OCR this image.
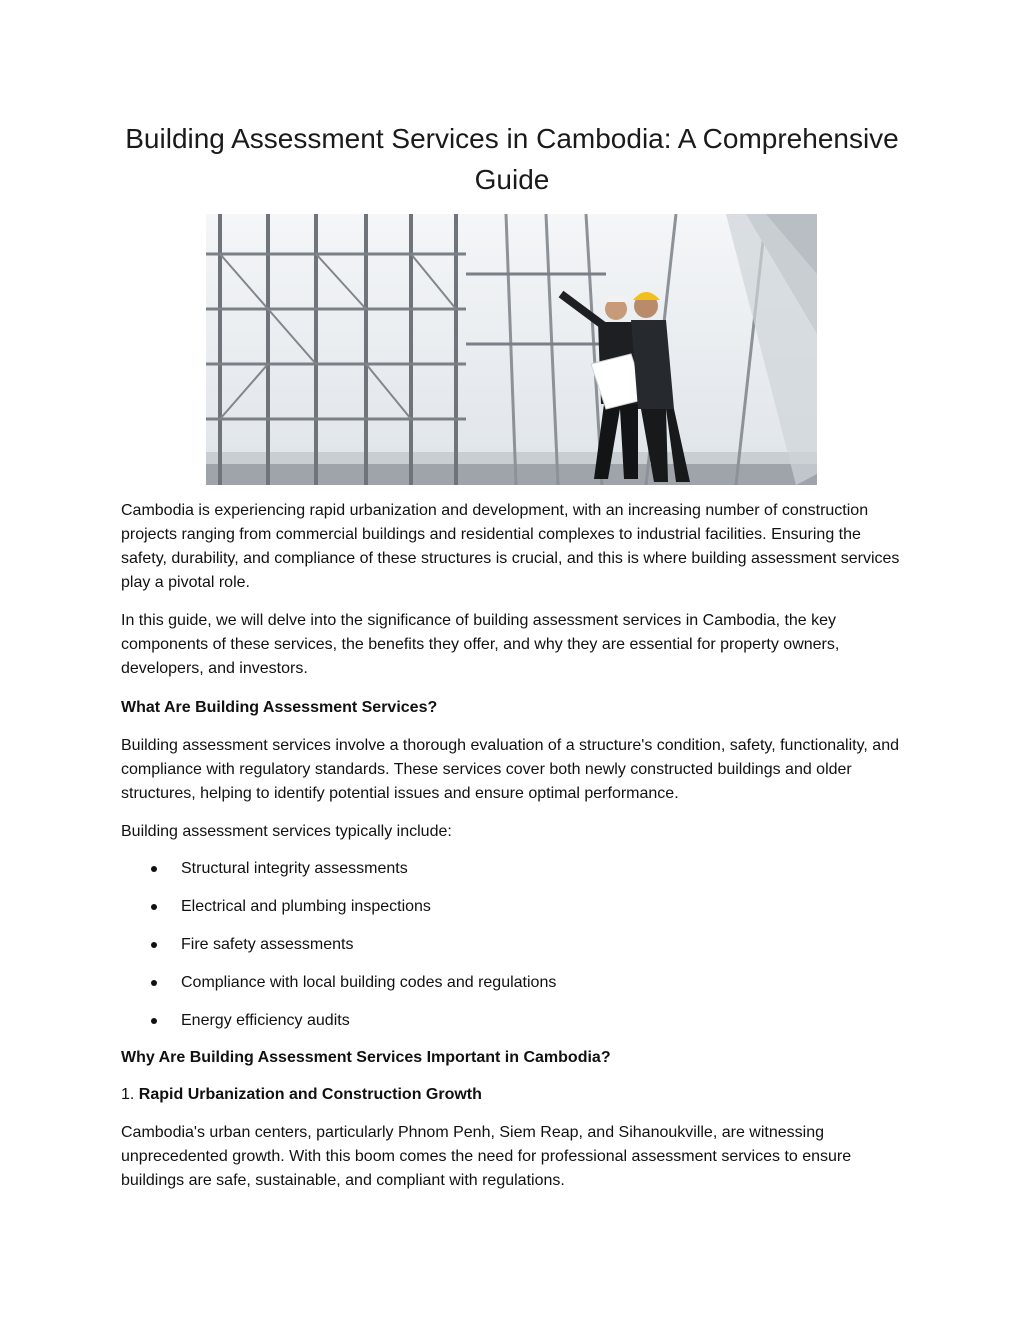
Building Assessment Services in Cambodia: A Comprehensive Guide

Cambodia is experiencing rapid urbanization and development, with an increasing number of construction projects ranging from commercial buildings and residential complexes to industrial facilities. Ensuring the safety, durability, and compliance of these structures is crucial, and this is where building assessment services play a pivotal role.

In this guide, we will delve into the significance of building assessment services in Cambodia, the key components of these services, the benefits they offer, and why they are essential for property owners, developers, and investors.

What Are Building Assessment Services?

Building assessment services involve a thorough evaluation of a structure's condition, safety, functionality, and compliance with regulatory standards. These services cover both newly constructed buildings and older structures, helping to identify potential issues and ensure optimal performance.

Building assessment services typically include:

Structural integrity assessments
Electrical and plumbing inspections
Fire safety assessments
Compliance with local building codes and regulations
Energy efficiency audits

Why Are Building Assessment Services Important in Cambodia?

1. Rapid Urbanization and Construction Growth

Cambodia's urban centers, particularly Phnom Penh, Siem Reap, and Sihanoukville, are witnessing unprecedented growth. With this boom comes the need for professional assessment services to ensure buildings are safe, sustainable, and compliant with regulations.
